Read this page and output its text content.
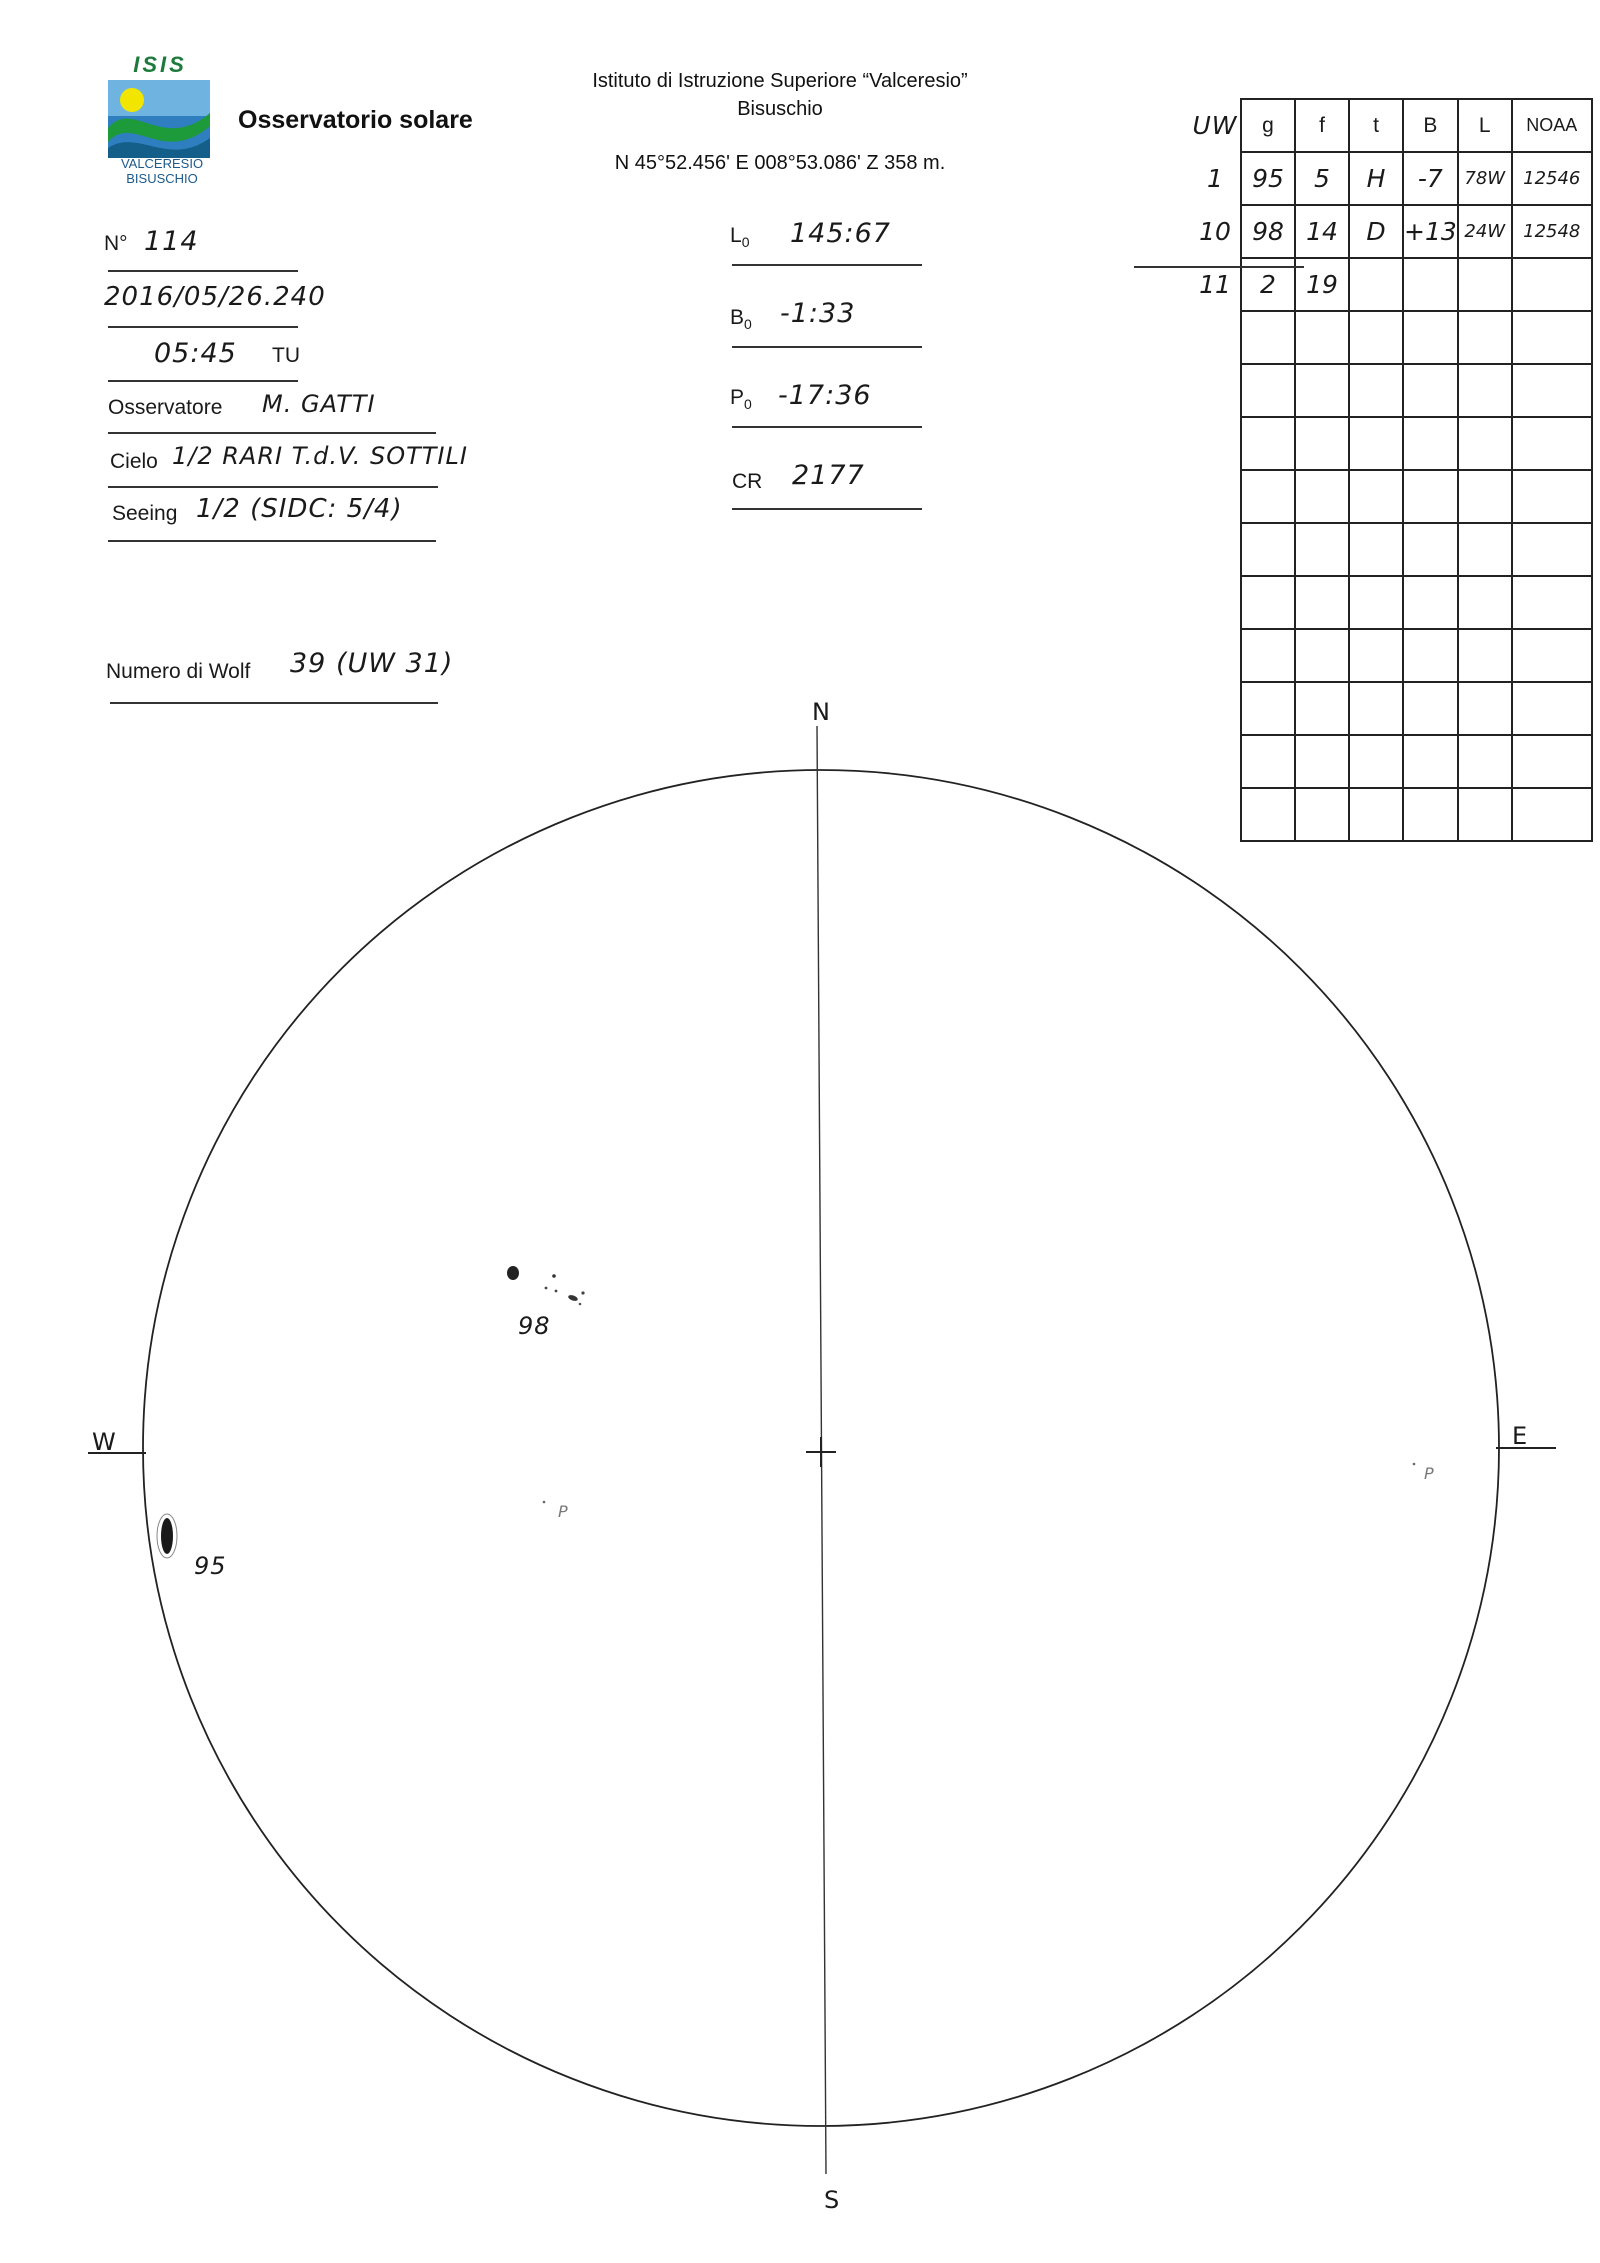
ISIS
VALCERESIO
BISUSCHIO
Osservatorio solare
Istituto di Istruzione Superiore “Valceresio”
Bisuschio
N 45°52.456' E 008°53.086' Z 358 m.
N° 114
2016/05/26.240
05:45 TU
Osservatore M. GATTI
Cielo 1/2 RARI T.d.V. SOTTILI
Seeing 1/2 (SIDC: 5/4)
Numero di Wolf 39 (UW 31)
$L_0$ 145:67
$B_0$ -1:33
$P_0$ -17:36
CR 2177
UW	g	f	t	B	L	NOAA
1	95	5	H	-7	78W	12546
10	98	14	D	+13	24W	12548
11	2	19				

N
S
E
W
98
95
P
P
